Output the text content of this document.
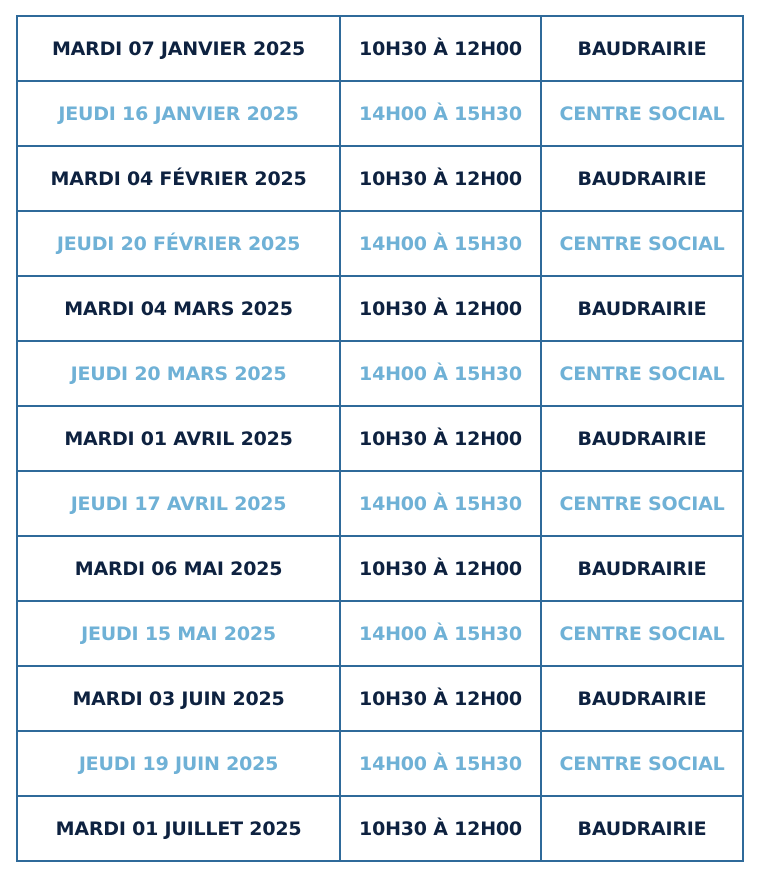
MARDI 07 JANVIER 2025	10H30 À 12H00	BAUDRAIRIE
JEUDI 16 JANVIER 2025	14H00 À 15H30	CENTRE SOCIAL
MARDI 04 FÉVRIER 2025	10H30 À 12H00	BAUDRAIRIE
JEUDI 20 FÉVRIER 2025	14H00 À 15H30	CENTRE SOCIAL
MARDI 04 MARS 2025	10H30 À 12H00	BAUDRAIRIE
JEUDI 20 MARS 2025	14H00 À 15H30	CENTRE SOCIAL
MARDI 01 AVRIL 2025	10H30 À 12H00	BAUDRAIRIE
JEUDI 17 AVRIL 2025	14H00 À 15H30	CENTRE SOCIAL
MARDI 06 MAI 2025	10H30 À 12H00	BAUDRAIRIE
JEUDI 15 MAI 2025	14H00 À 15H30	CENTRE SOCIAL
MARDI 03 JUIN 2025	10H30 À 12H00	BAUDRAIRIE
JEUDI 19 JUIN 2025	14H00 À 15H30	CENTRE SOCIAL
MARDI 01 JUILLET 2025	10H30 À 12H00	BAUDRAIRIE
